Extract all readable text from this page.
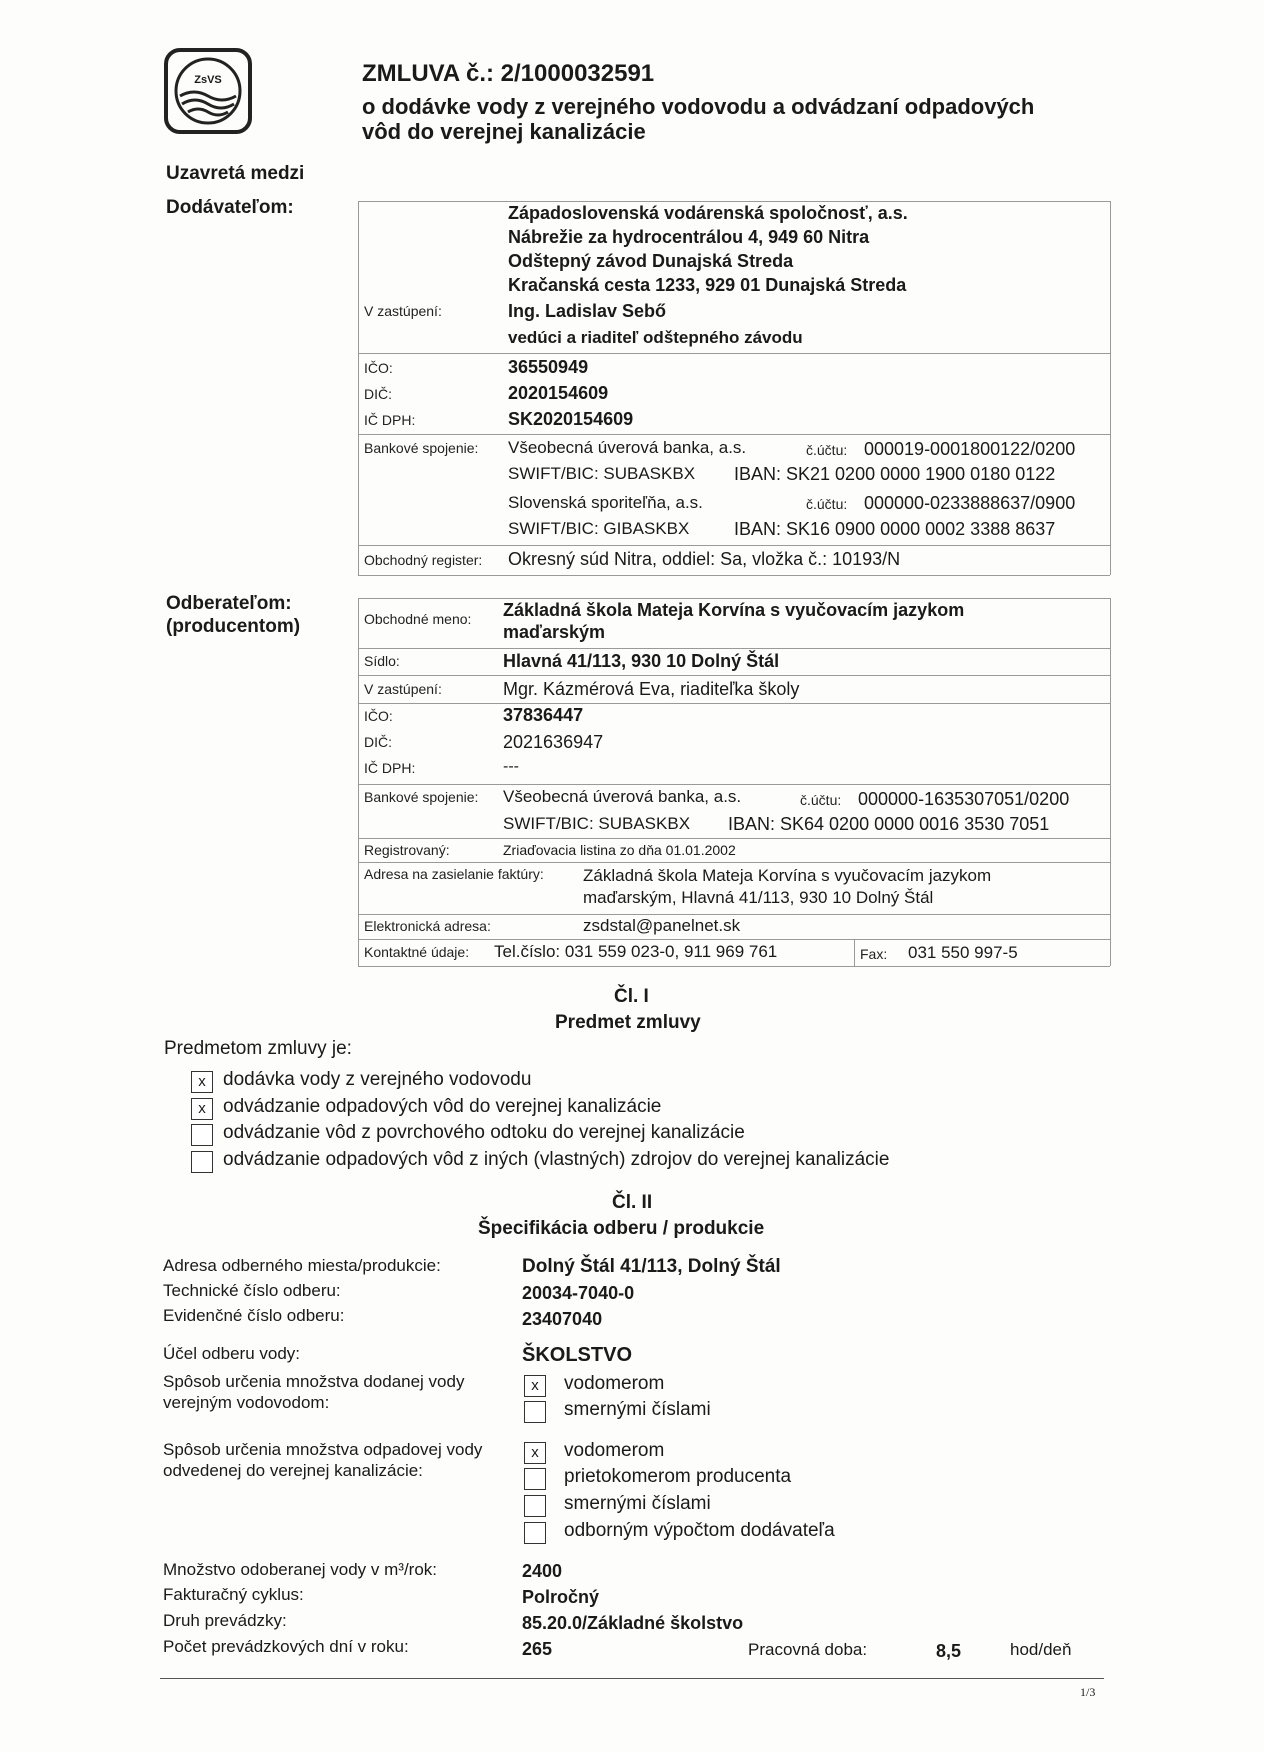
ZsVS	ZMLUVA č.: 2/1000032591
o dodávke vody z verejného vodovodu a odvádzaní odpadových
vôd do verejnej kanalizácie
Uzavretá medzi
Dodávateľom:	Západoslovenská vodárenská spoločnosť, a.s.
Nábrežie za hydrocentrálou 4, 949 60 Nitra
Odštepný závod Dunajská Streda
Kračanská cesta 1233, 929 01 Dunajská Streda
V zastúpení:	Ing. Ladislav Sebő
vedúci a riaditeľ odštepného závodu
IČO:	36550949
DIČ:	2020154609
IČ DPH:	SK2020154609
Bankové spojenie: Všeobecná úverová banka, a.s.	č.účtu: 000019-0001800122/0200
SWIFT/BIC: SUBASKBX IBAN: SK21 0200 0000 1900 0180 0122
Slovenská sporiteľňa, a.s.	č.účtu: 000000-0233888637/0900
SWIFT/BIC: GIBASKBX IBAN: SK16 0900 0000 0002 3388 8637
Obchodný register: Okresný súd Nitra, oddiel: Sa, vložka č.: 10193/N
Odberateľom:
(producentom)	Obchodné meno: Základná škola Mateja Korvína s vyučovacím jazykom
maďarským
Sídlo:	Hlavná 41/113, 930 10 Dolný Štál
V zastúpení:	Mgr. Kázmérová Eva, riaditeľka školy
IČO:	37836447
DIČ:	2021636947
IČ DPH:	---
Bankové spojenie: Všeobecná úverová banka, a.s.	č.účtu: 000000-1635307051/0200
SWIFT/BIC: SUBASKBX IBAN: SK64 0200 0000 0016 3530 7051
Registrovaný:	Zriaďovacia listina zo dňa 01.01.2002
Adresa na zasielanie faktúry: Základná škola Mateja Korvína s vyučovacím jazykom
maďarským, Hlavná 41/113, 930 10 Dolný Štál
Elektronická adresa:	zsdstal@panelnet.sk
Kontaktné údaje: Tel.číslo: 031 559 023-0, 911 969 761	Fax: 031 550 997-5
Čl. I
Predmet zmluvy
Predmetom zmluvy je:
x dodávka vody z verejného vodovodu
x odvádzanie odpadových vôd do verejnej kanalizácie
odvádzanie vôd z povrchového odtoku do verejnej kanalizácie
odvádzanie odpadových vôd z iných (vlastných) zdrojov do verejnej kanalizácie
Čl. II
Špecifikácia odberu / produkcie
Adresa odberného miesta/produkcie:	Dolný Štál 41/113, Dolný Štál
Technické číslo odberu:	20034-7040-0
Evidenčné číslo odberu:	23407040
Účel odberu vody:	ŠKOLSTVO
Spôsob určenia množstva dodanej vody
verejným vodovodom:
x	vodomerom
smernými číslami
Spôsob určenia množstva odpadovej vody
odvedenej do verejnej kanalizácie:
x	vodomerom
prietokomerom producenta
smernými číslami
odborným výpočtom dodávateľa
Množstvo odoberanej vody v m³/rok:	2400
Fakturačný cyklus:	Polročný
Druh prevádzky:	85.20.0/Základné školstvo
Počet prevádzkových dní v roku:	265	Pracovná doba:	8,5	hod/deň
1/3
